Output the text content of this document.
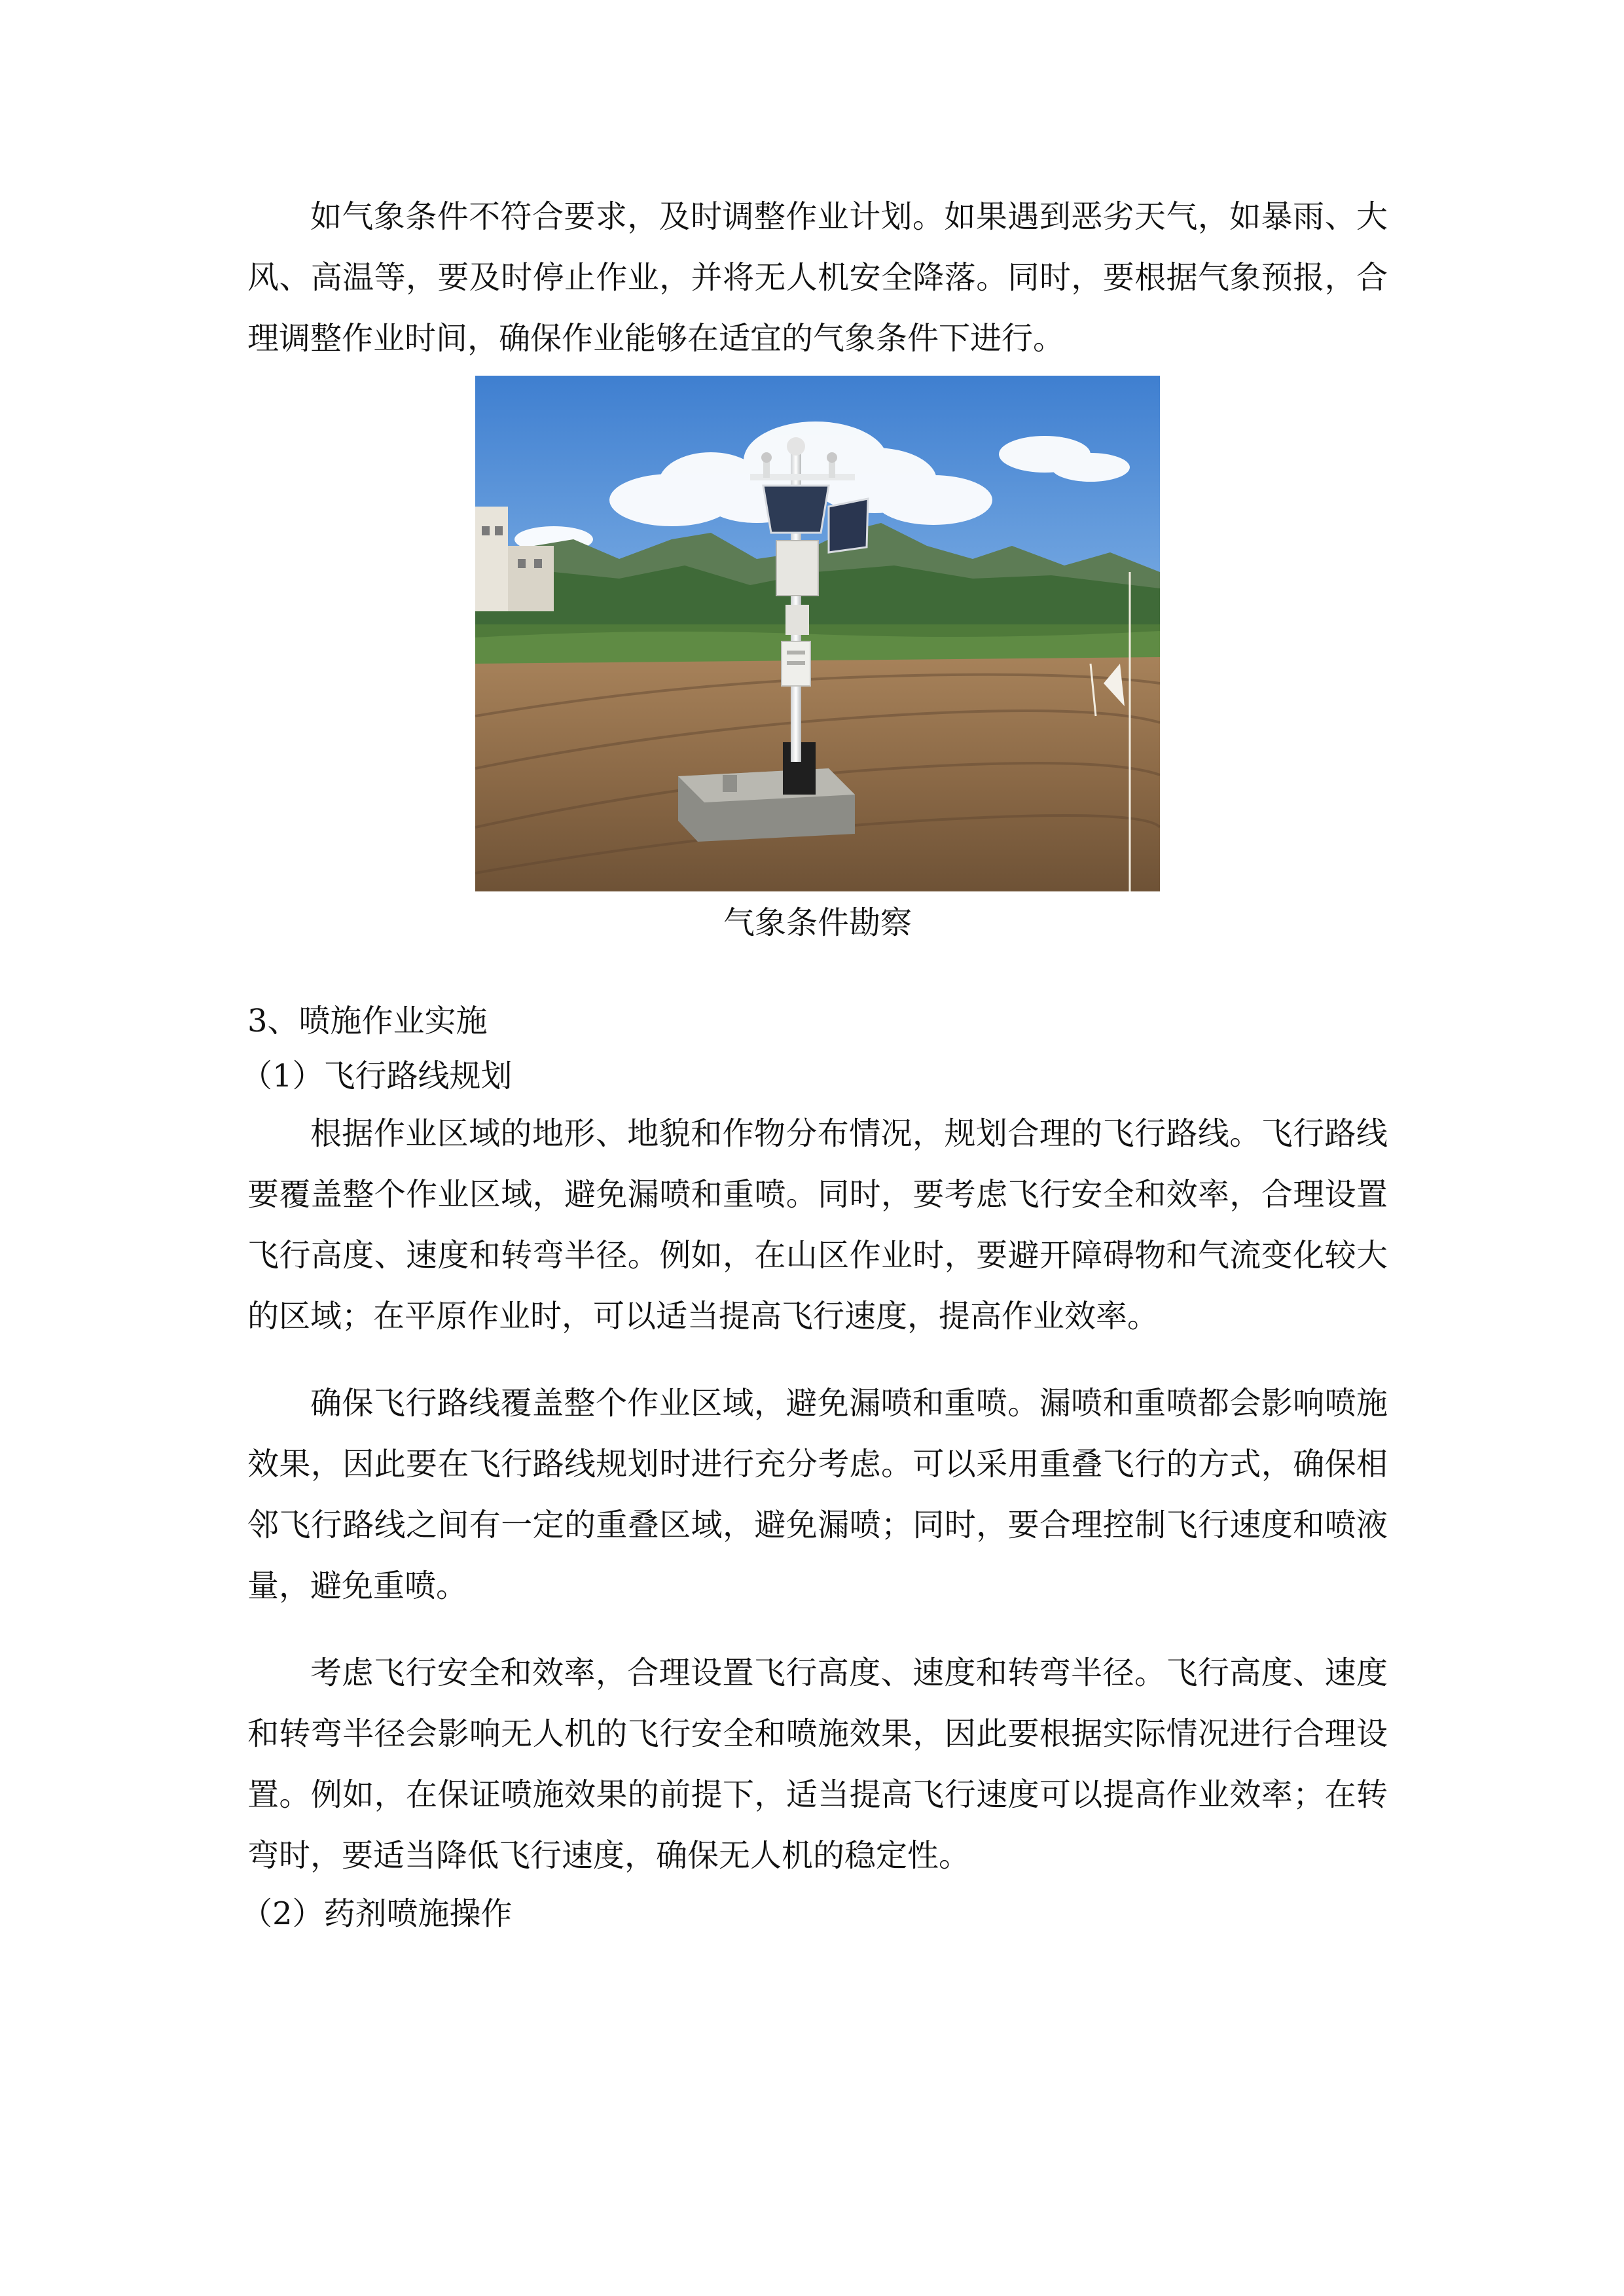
如气象条件不符合要求，及时调整作业计划。如果遇到恶劣天气，如暴雨、大风、高温等，要及时停止作业，并将无人机安全降落。同时，要根据气象预报，合理调整作业时间，确保作业能够在适宜的气象条件下进行。

气象条件勘察
3、喷施作业实施
（1）飞行路线规划

根据作业区域的地形、地貌和作物分布情况，规划合理的飞行路线。飞行路线要覆盖整个作业区域，避免漏喷和重喷。同时，要考虑飞行安全和效率，合理设置飞行高度、速度和转弯半径。例如，在山区作业时，要避开障碍物和气流变化较大的区域；在平原作业时，可以适当提高飞行速度，提高作业效率。

确保飞行路线覆盖整个作业区域，避免漏喷和重喷。漏喷和重喷都会影响喷施效果，因此要在飞行路线规划时进行充分考虑。可以采用重叠飞行的方式，确保相邻飞行路线之间有一定的重叠区域，避免漏喷；同时，要合理控制飞行速度和喷液量，避免重喷。

考虑飞行安全和效率，合理设置飞行高度、速度和转弯半径。飞行高度、速度和转弯半径会影响无人机的飞行安全和喷施效果，因此要根据实际情况进行合理设置。例如，在保证喷施效果的前提下，适当提高飞行速度可以提高作业效率；在转弯时，要适当降低飞行速度，确保无人机的稳定性。

（2）药剂喷施操作
